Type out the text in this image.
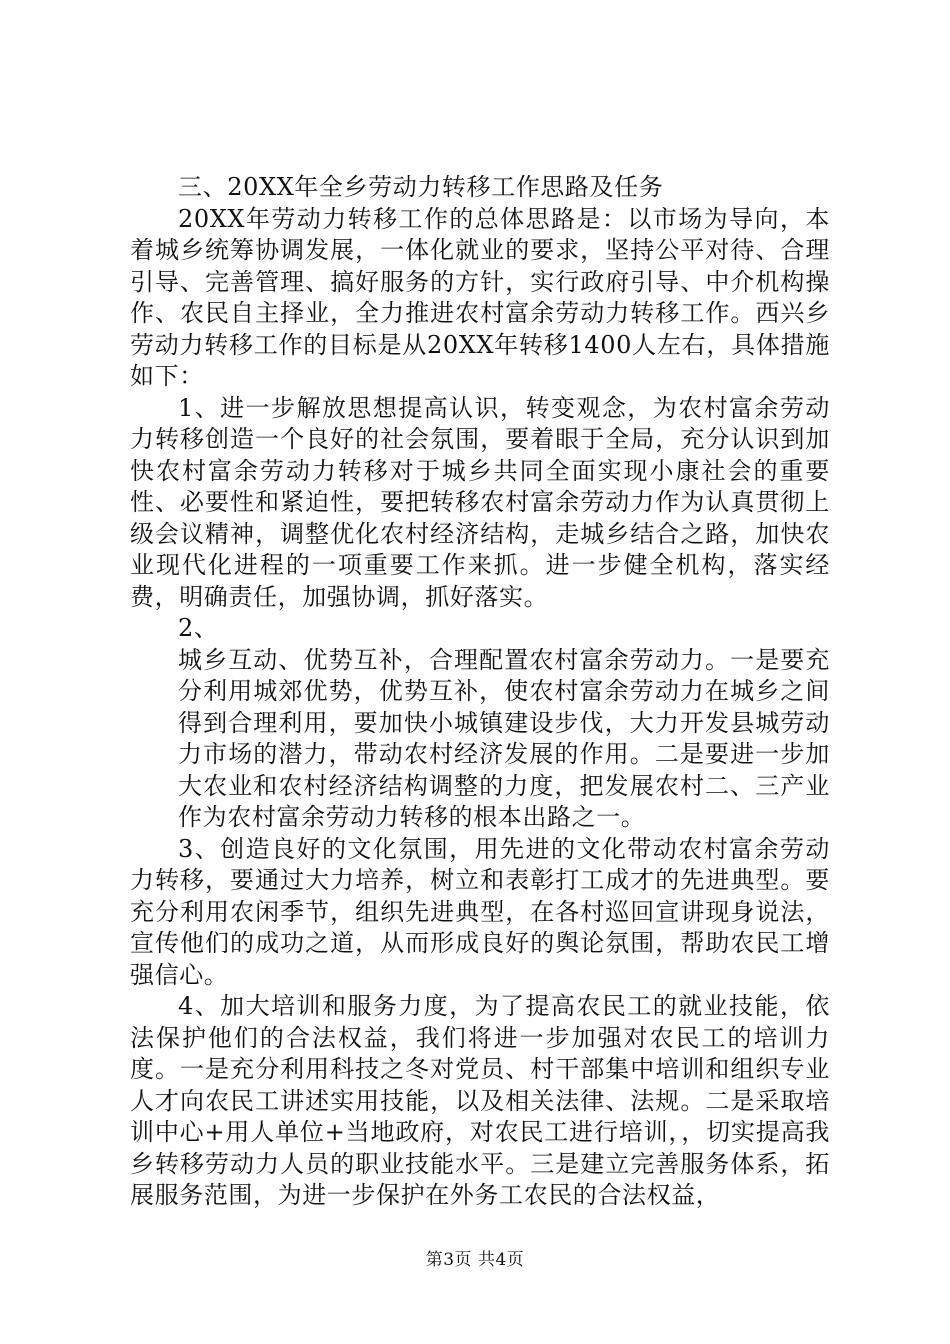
三、20XX年全乡劳动力转移工作思路及任务

20XX年劳动力转移工作的总体思路是：以市场为导向，本着城乡统筹协调发展，一体化就业的要求，坚持公平对待、合理引导、完善管理、搞好服务的方针，实行政府引导、中介机构操作、农民自主择业，全力推进农村富余劳动力转移工作。西兴乡劳动力转移工作的目标是从20XX年转移1400人左右，具体措施如下：

1、进一步解放思想提高认识，转变观念，为农村富余劳动力转移创造一个良好的社会氛围，要着眼于全局，充分认识到加快农村富余劳动力转移对于城乡共同全面实现小康社会的重要性、必要性和紧迫性，要把转移农村富余劳动力作为认真贯彻上级会议精神，调整优化农村经济结构，走城乡结合之路，加快农业现代化进程的一项重要工作来抓。进一步健全机构，落实经费，明确责任，加强协调，抓好落实。

2、

城乡互动、优势互补，合理配置农村富余劳动力。一是要充分利用城郊优势，优势互补，使农村富余劳动力在城乡之间得到合理利用，要加快小城镇建设步伐，大力开发县城劳动力市场的潜力，带动农村经济发展的作用。二是要进一步加大农业和农村经济结构调整的力度，把发展农村二、三产业作为农村富余劳动力转移的根本出路之一。

3、创造良好的文化氛围，用先进的文化带动农村富余劳动力转移，要通过大力培养，树立和表彰打工成才的先进典型。要充分利用农闲季节，组织先进典型，在各村巡回宣讲现身说法，宣传他们的成功之道，从而形成良好的舆论氛围，帮助农民工增强信心。

4、加大培训和服务力度，为了提高农民工的就业技能，依法保护他们的合法权益，我们将进一步加强对农民工的培训力度。一是充分利用科技之冬对党员、村干部集中培训和组织专业人才向农民工讲述实用技能，以及相关法律、法规。二是采取培训中心+用人单位+当地政府，对农民工进行培训，，切实提高我乡转移劳动力人员的职业技能水平。三是建立完善服务体系，拓展服务范围，为进一步保护在外务工农民的合法权益，

第3页 共4页
